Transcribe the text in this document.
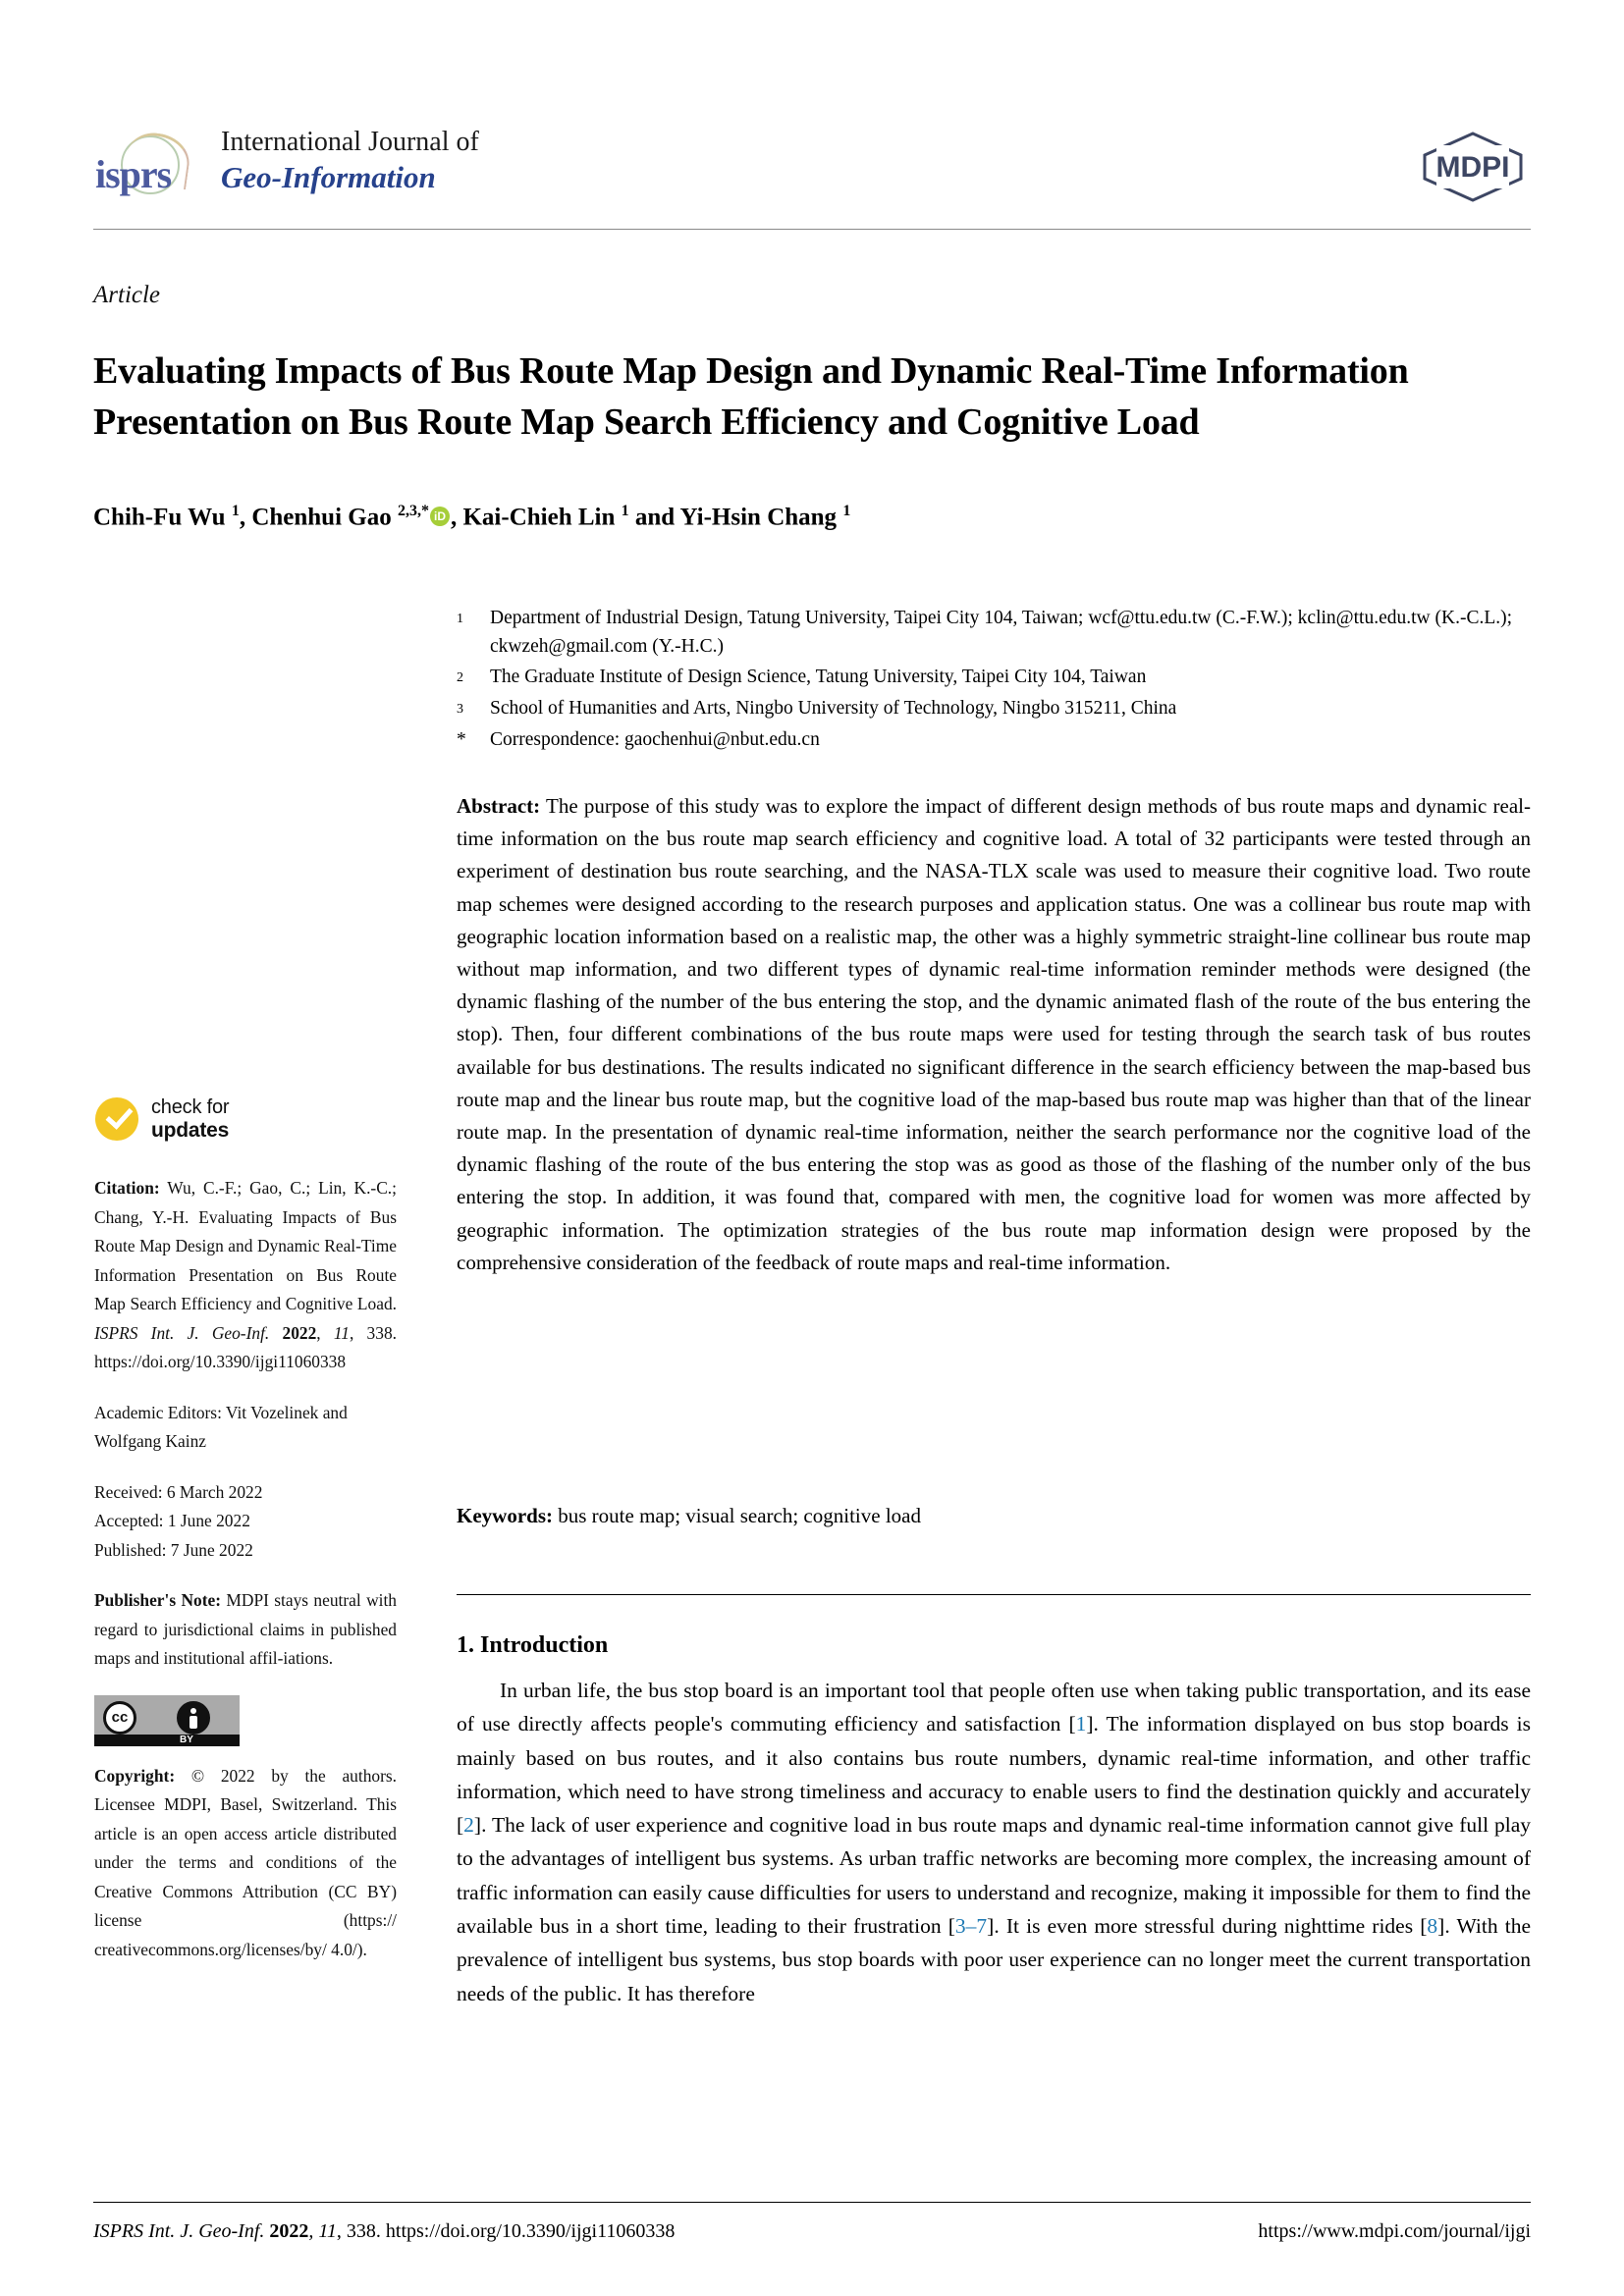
isprs
International Journal of
Geo-Information	MDPI
Article
Evaluating Impacts of Bus Route Map Design and Dynamic Real-Time Information Presentation on Bus Route Map Search Efficiency and Cognitive Load
Chih-Fu Wu $^1$, Chenhui Gao $^{2,3,*}$ iD , Kai-Chieh Lin $^1$ and Yi-Hsin Chang $^1$
1	Department of Industrial Design, Tatung University, Taipei City 104, Taiwan; wcf@ttu.edu.tw (C.-F.W.); kclin@ttu.edu.tw (K.-C.L.); ckwzeh@gmail.com (Y.-H.C.)
2	The Graduate Institute of Design Science, Tatung University, Taipei City 104, Taiwan
3	School of Humanities and Arts, Ningbo University of Technology, Ningbo 315211, China
*	Correspondence: gaochenhui@nbut.edu.cn
Abstract: The purpose of this study was to explore the impact of different design methods of bus route maps and dynamic real-time information on the bus route map search efficiency and cognitive load. A total of 32 participants were tested through an experiment of destination bus route searching, and the NASA-TLX scale was used to measure their cognitive load. Two route map schemes were designed according to the research purposes and application status. One was a collinear bus route map with geographic location information based on a realistic map, the other was a highly symmetric straight-line collinear bus route map without map information, and two different types of dynamic real-time information reminder methods were designed (the dynamic flashing of the number of the bus entering the stop, and the dynamic animated flash of the route of the bus entering the stop). Then, four different combinations of the bus route maps were used for testing through the search task of bus routes available for bus destinations. The results indicated no significant difference in the search efficiency between the map-based bus route map and the linear bus route map, but the cognitive load of the map-based bus route map was higher than that of the linear route map. In the presentation of dynamic real-time information, neither the search performance nor the cognitive load of the dynamic flashing of the route of the bus entering the stop was as good as those of the flashing of the number only of the bus entering the stop. In addition, it was found that, compared with men, the cognitive load for women was more affected by geographic information. The optimization strategies of the bus route map information design were proposed by the comprehensive consideration of the feedback of route maps and real-time information.
Keywords: bus route map; visual search; cognitive load
1. Introduction
In urban life, the bus stop board is an important tool that people often use when taking public transportation, and its ease of use directly affects people's commuting efficiency and satisfaction [1]. The information displayed on bus stop boards is mainly based on bus routes, and it also contains bus route numbers, dynamic real-time information, and other traffic information, which need to have strong timeliness and accuracy to enable users to find the destination quickly and accurately [2]. The lack of user experience and cognitive load in bus route maps and dynamic real-time information cannot give full play to the advantages of intelligent bus systems. As urban traffic networks are becoming more complex, the increasing amount of traffic information can easily cause difficulties for users to understand and recognize, making it impossible for them to find the available bus in a short time, leading to their frustration [3–7]. It is even more stressful during nighttime rides [8]. With the prevalence of intelligent bus systems, bus stop boards with poor user experience can no longer meet the current transportation needs of the public. It has therefore
check for
updates
Citation: Wu, C.-F.; Gao, C.; Lin, K.-C.; Chang, Y.-H. Evaluating Impacts of Bus Route Map Design and Dynamic Real-Time Information Presentation on Bus Route Map Search Efficiency and Cognitive Load. ISPRS Int. J. Geo-Inf. 2022, 11, 338. https://doi.org/10.3390/ijgi11060338
Academic Editors: Vit Vozelinek and Wolfgang Kainz
Received: 6 March 2022
Accepted: 1 June 2022
Published: 7 June 2022
Publisher's Note: MDPI stays neutral with regard to jurisdictional claims in published maps and institutional affil-iations.
cc
BY
Copyright: © 2022 by the authors. Licensee MDPI, Basel, Switzerland. This article is an open access article distributed under the terms and conditions of the Creative Commons Attribution (CC BY) license (https:// creativecommons.org/licenses/by/ 4.0/).
ISPRS Int. J. Geo-Inf. 2022, 11, 338. https://doi.org/10.3390/ijgi11060338	https://www.mdpi.com/journal/ijgi
